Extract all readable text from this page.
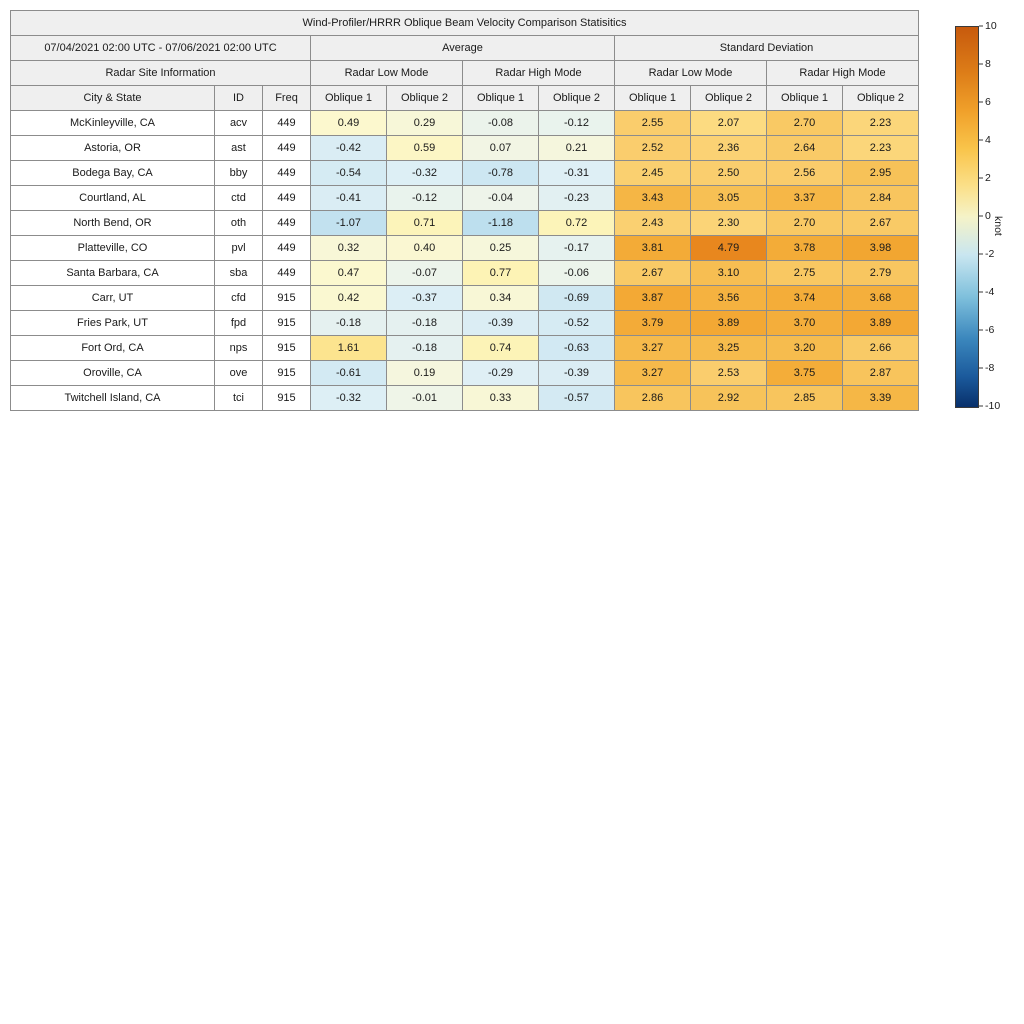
Wind-Profiler/HRRR Oblique Beam Velocity Comparison Statisitics										
07/04/2021 02:00 UTC - 07/06/2021 02:00 UTC			Average				Standard Deviation			
Radar Site Information			Radar Low Mode		Radar High Mode		Radar Low Mode		Radar High Mode	
City & State	ID	Freq	Oblique 1	Oblique 2	Oblique 1	Oblique 2	Oblique 1	Oblique 2	Oblique 1	Oblique 2
McKinleyville, CA	acv	449	0.49	0.29	-0.08	-0.12	2.55	2.07	2.70	2.23
Astoria, OR	ast	449	-0.42	0.59	0.07	0.21	2.52	2.36	2.64	2.23
Bodega Bay, CA	bby	449	-0.54	-0.32	-0.78	-0.31	2.45	2.50	2.56	2.95
Courtland, AL	ctd	449	-0.41	-0.12	-0.04	-0.23	3.43	3.05	3.37	2.84
North Bend, OR	oth	449	-1.07	0.71	-1.18	0.72	2.43	2.30	2.70	2.67
Platteville, CO	pvl	449	0.32	0.40	0.25	-0.17	3.81	4.79	3.78	3.98
Santa Barbara, CA	sba	449	0.47	-0.07	0.77	-0.06	2.67	3.10	2.75	2.79
Carr, UT	cfd	915	0.42	-0.37	0.34	-0.69	3.87	3.56	3.74	3.68
Fries Park, UT	fpd	915	-0.18	-0.18	-0.39	-0.52	3.79	3.89	3.70	3.89
Fort Ord, CA	nps	915	1.61	-0.18	0.74	-0.63	3.27	3.25	3.20	2.66
Oroville, CA	ove	915	-0.61	0.19	-0.29	-0.39	3.27	2.53	3.75	2.87
Twitchell Island, CA	tci	915	-0.32	-0.01	0.33	-0.57	2.86	2.92	2.85	3.39
10
8
6
4
2
0
-2
-4
-6
-8
-10
knot
